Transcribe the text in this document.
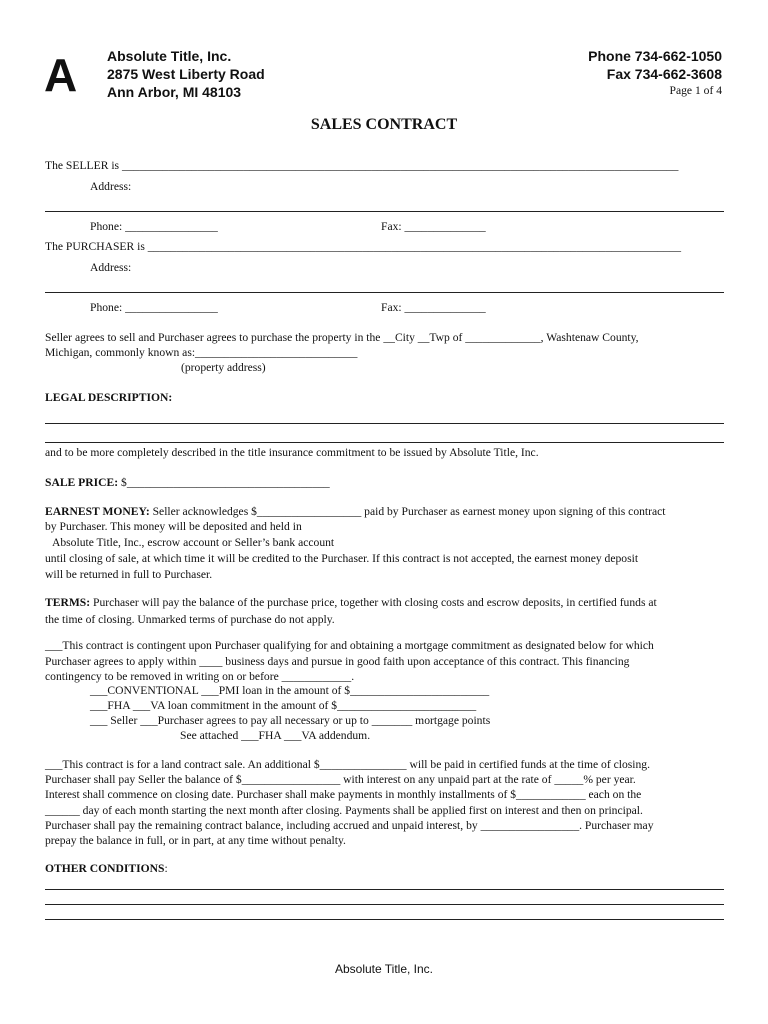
A Absolute Title, Inc.
2875 West Liberty Road
Ann Arbor, MI 48103
Phone 734-662-1050
Fax 734-662-3608
Page 1 of 4
SALES CONTRACT
The SELLER is ________________________________________________________________________________________________
Address:
Phone: ________________	Fax: ______________
The PURCHASER is ____________________________________________________________________________________________
Address:
Phone: ________________	Fax: ______________
Seller agrees to sell and Purchaser agrees to purchase the property in the __City __Twp of _____________, Washtenaw County,
Michigan, commonly known as:____________________________
(property address)
LEGAL DESCRIPTION:
and to be more completely described in the title insurance commitment to be issued by Absolute Title, Inc.
SALE PRICE: $___________________________________
EARNEST MONEY: Seller acknowledges $__________________ paid by Purchaser as earnest money upon signing of this contract
by Purchaser. This money will be deposited and held in
Absolute Title, Inc., escrow account or Seller’s bank account
until closing of sale, at which time it will be credited to the Purchaser. If this contract is not accepted, the earnest money deposit
will be returned in full to Purchaser.
TERMS: Purchaser will pay the balance of the purchase price, together with closing costs and escrow deposits, in certified funds at
the time of closing. Unmarked terms of purchase do not apply.
___This contract is contingent upon Purchaser qualifying for and obtaining a mortgage commitment as designated below for which
Purchaser agrees to apply within ____ business days and pursue in good faith upon acceptance of this contract. This financing
contingency to be removed in writing on or before ____________.
___CONVENTIONAL ___PMI loan in the amount of $________________________
___FHA ___VA loan commitment in the amount of $________________________
___ Seller ___Purchaser agrees to pay all necessary or up to _______ mortgage points
See attached ___FHA ___VA addendum.
___This contract is for a land contract sale. An additional $_______________ will be paid in certified funds at the time of closing.
Purchaser shall pay Seller the balance of $_________________ with interest on any unpaid part at the rate of _____% per year.
Interest shall commence on closing date. Purchaser shall make payments in monthly installments of $____________ each on the
______ day of each month starting the next month after closing. Payments shall be applied first on interest and then on principal.
Purchaser shall pay the remaining contract balance, including accrued and unpaid interest, by _________________. Purchaser may
prepay the balance in full, or in part, at any time without penalty.
OTHER CONDITIONS:
Absolute Title, Inc.
